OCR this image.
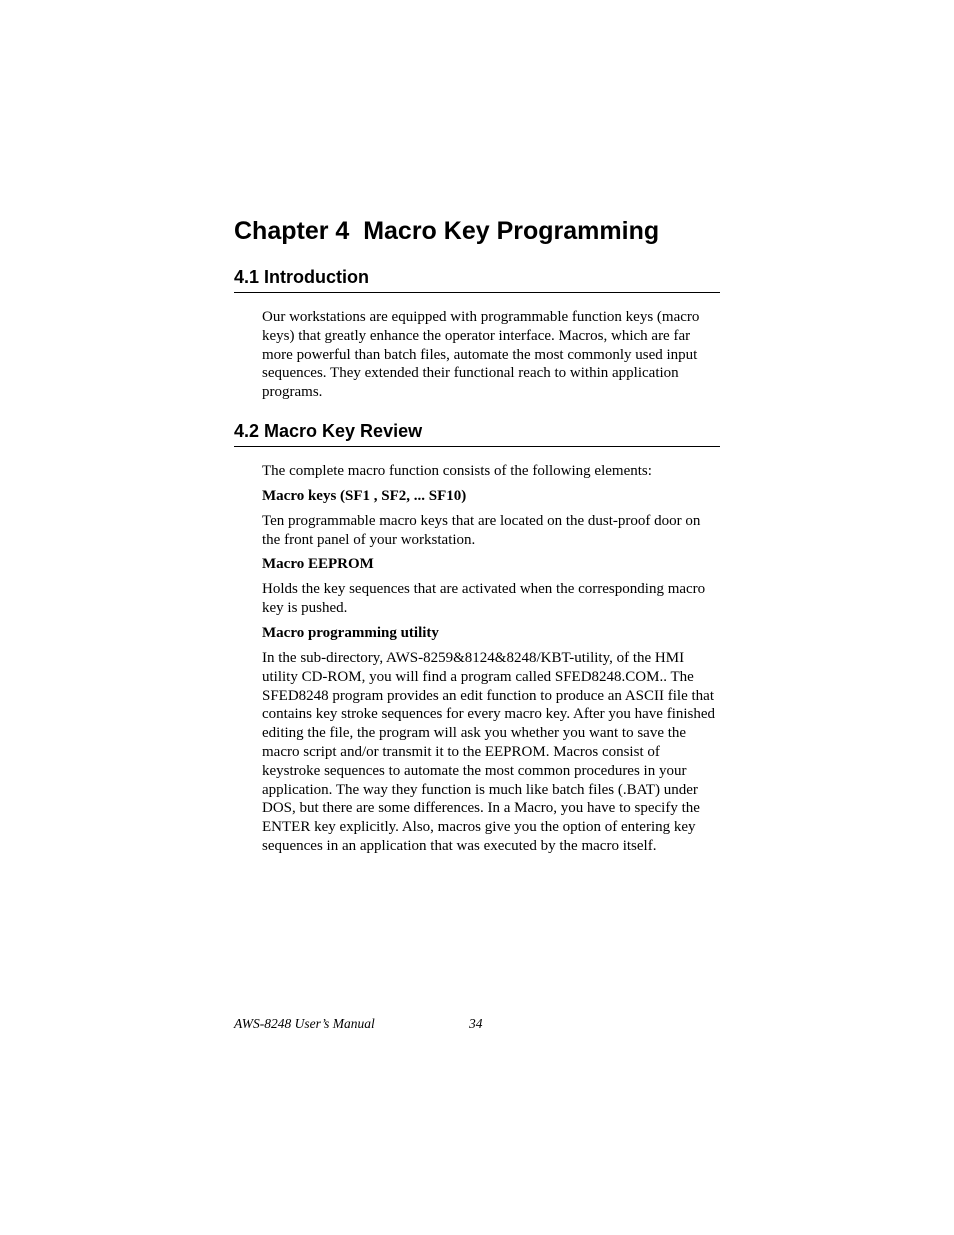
Chapter 4  Macro Key Programming
4.1 Introduction

Our workstations are equipped with programmable function keys (macro keys) that greatly enhance the operator interface. Macros, which are far more powerful than batch files, automate the most commonly used input sequences. They extended their functional reach to within application programs.

4.2 Macro Key Review

The complete macro function consists of the following elements:

Macro keys (SF1 , SF2, ... SF10)

Ten programmable macro keys that are located on the dust-proof door on the front panel of your workstation.

Macro EEPROM

Holds the key sequences that are activated when the corresponding macro key is pushed.

Macro programming utility

In the sub-directory, AWS-8259&8124&8248/KBT-utility, of the HMI utility CD-ROM, you will find a program called SFED8248.COM.. The SFED8248 program provides an edit function to produce an ASCII file that contains key stroke sequences for every macro key. After you have finished editing the file, the program will ask you whether you want to save the macro script and/or transmit it to the EEPROM. Macros consist of keystroke sequences to automate the most common procedures in your application. The way they function is much like batch files (.BAT) under DOS, but there are some differences. In a Macro, you have to specify the ENTER key explicitly. Also, macros give you the option of entering key sequences in an application that was executed by the macro itself.

AWS-8248 User’s Manual	34
